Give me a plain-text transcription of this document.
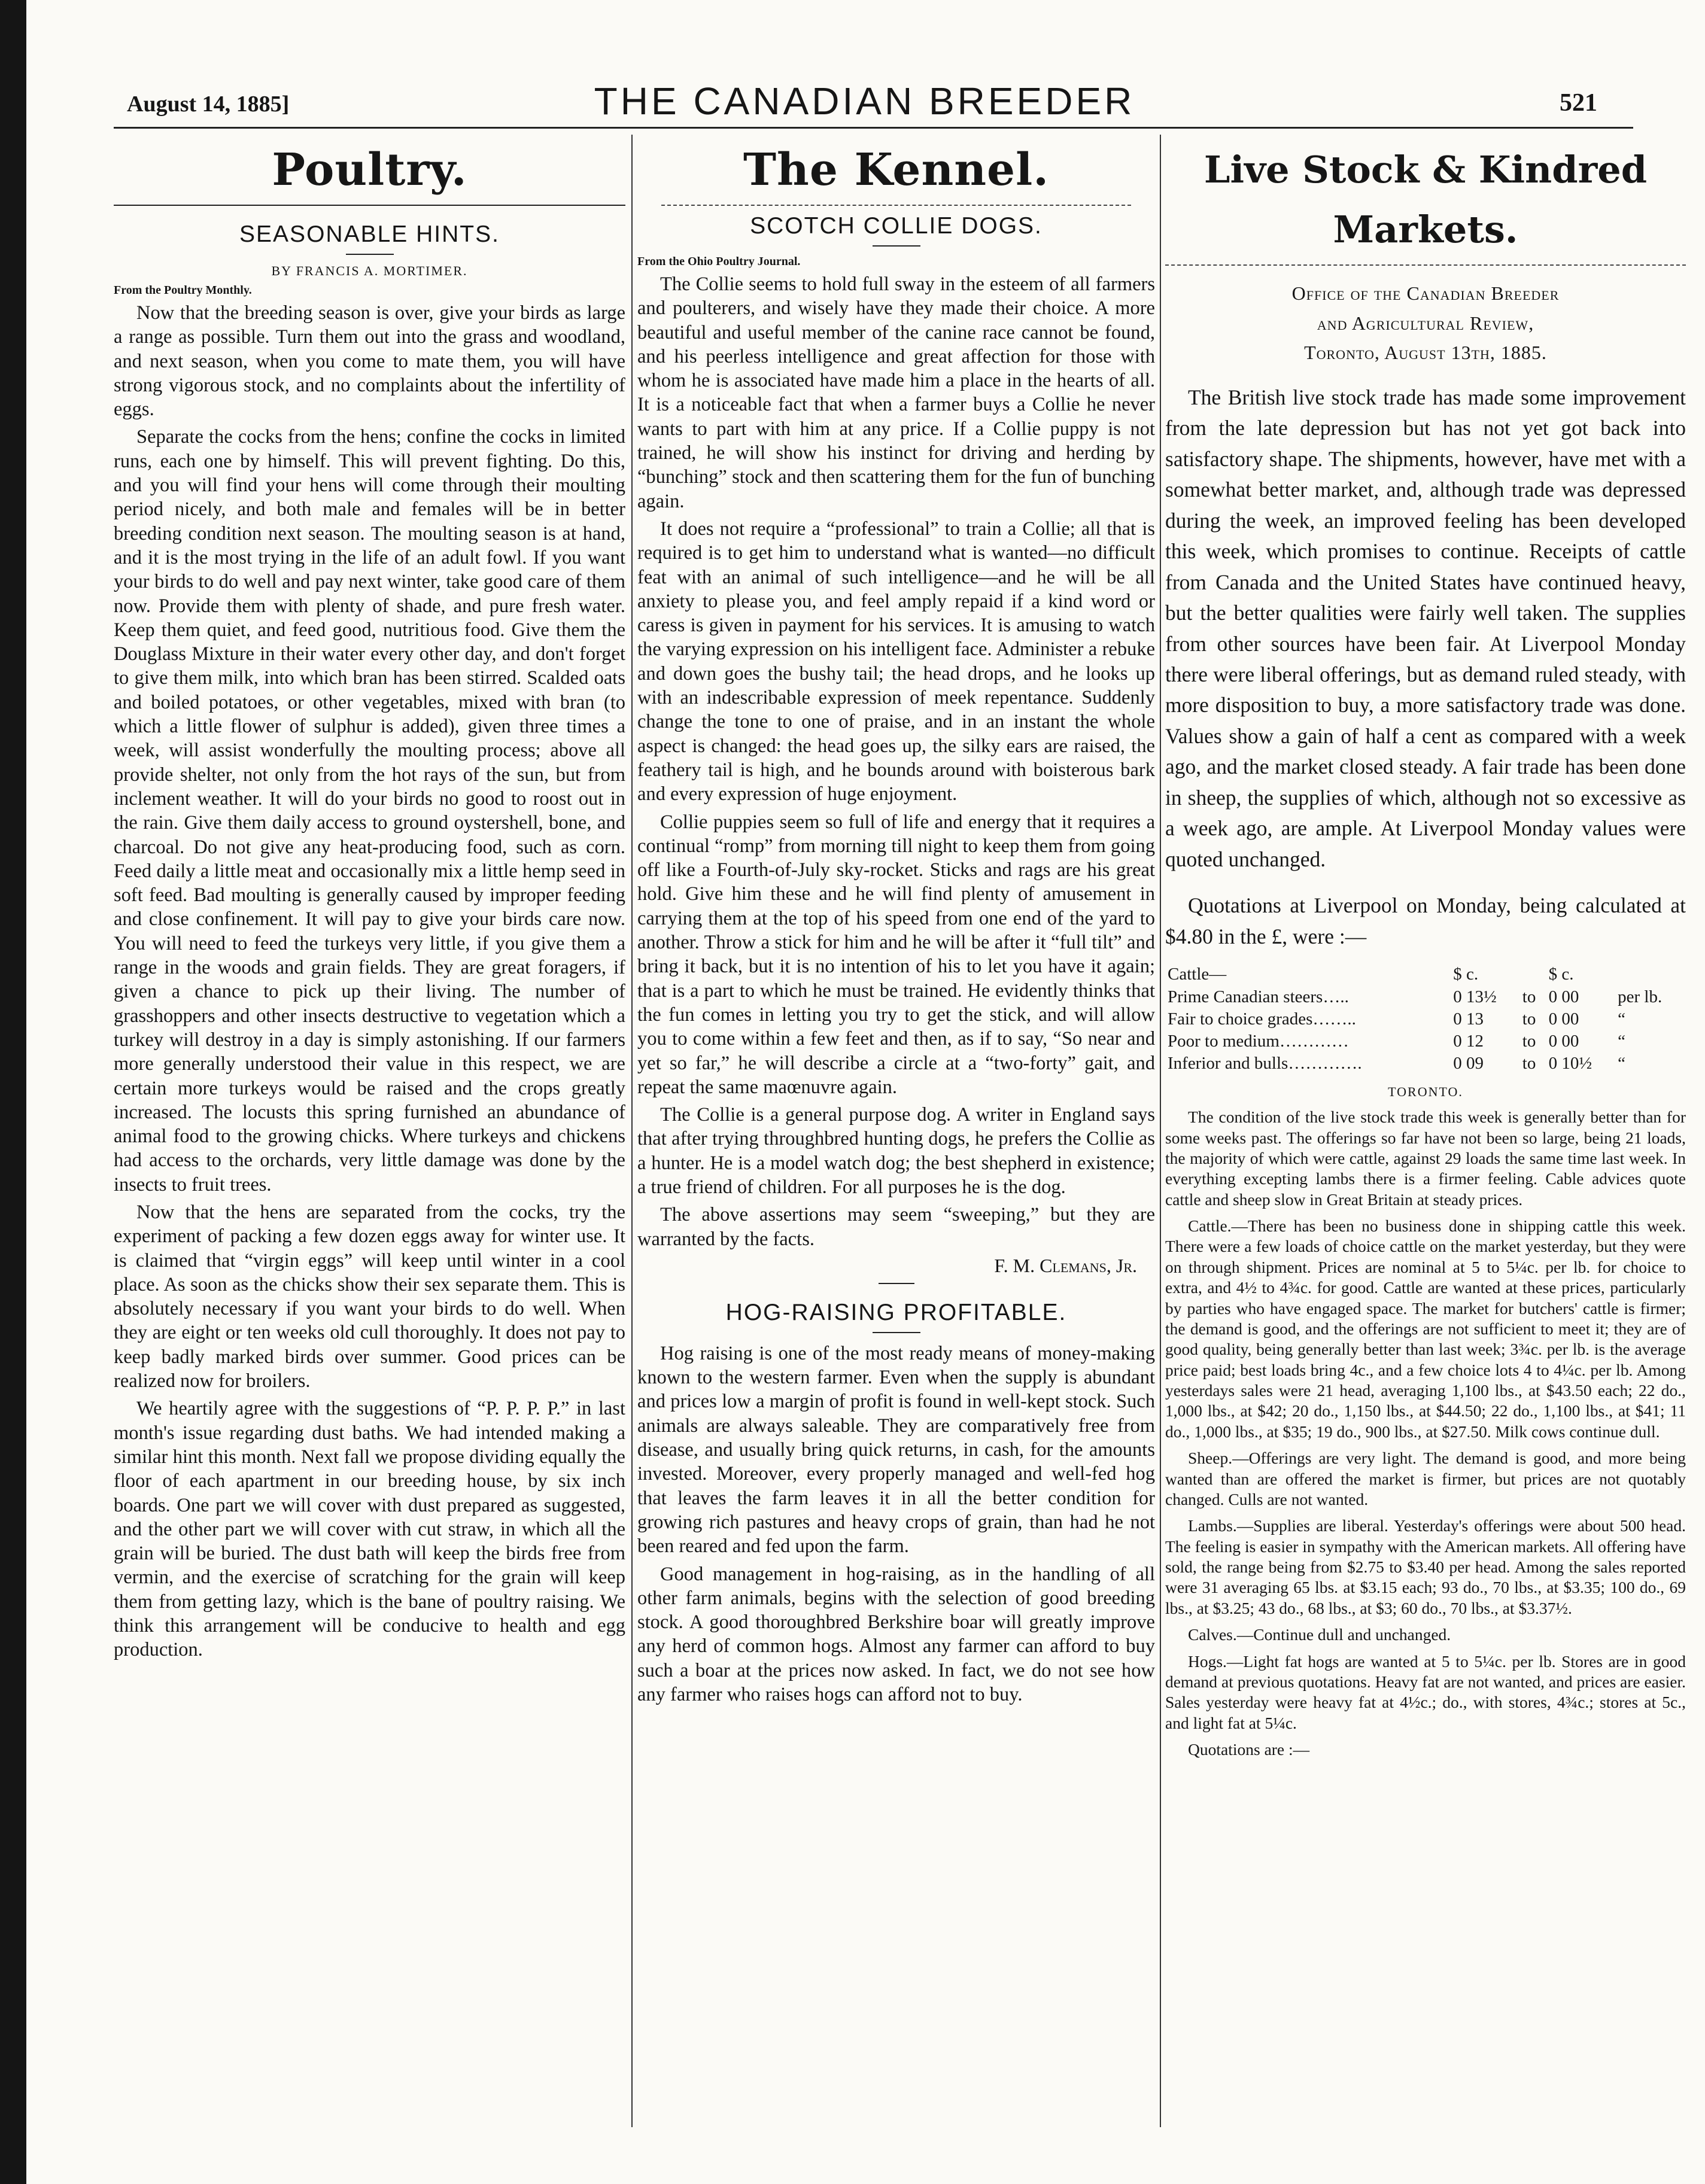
August 14, 1885]	THE CANADIAN BREEDER	521
Poultry.
SEASONABLE HINTS.
BY FRANCIS A. MORTIMER.
From the Poultry Monthly.

Now that the breeding season is over, give your birds as large a range as possible. Turn them out into the grass and woodland, and next season, when you come to mate them, you will have strong vigorous stock, and no complaints about the infertility of eggs.

Separate the cocks from the hens; confine the cocks in limited runs, each one by himself. This will prevent fighting. Do this, and you will find your hens will come through their moulting period nicely, and both male and females will be in better breeding condition next season. The moulting season is at hand, and it is the most trying in the life of an adult fowl. If you want your birds to do well and pay next winter, take good care of them now. Provide them with plenty of shade, and pure fresh water. Keep them quiet, and feed good, nutritious food. Give them the Douglass Mixture in their water every other day, and don't forget to give them milk, into which bran has been stirred. Scalded oats and boiled potatoes, or other vegetables, mixed with bran (to which a little flower of sulphur is added), given three times a week, will assist wonderfully the moulting process; above all provide shelter, not only from the hot rays of the sun, but from inclement weather. It will do your birds no good to roost out in the rain. Give them daily access to ground oystershell, bone, and charcoal. Do not give any heat-producing food, such as corn. Feed daily a little meat and occasionally mix a little hemp seed in soft feed. Bad moulting is generally caused by improper feeding and close confinement. It will pay to give your birds care now. You will need to feed the turkeys very little, if you give them a range in the woods and grain fields. They are great foragers, if given a chance to pick up their living. The number of grasshoppers and other insects destructive to vegetation which a turkey will destroy in a day is simply astonishing. If our farmers more generally understood their value in this respect, we are certain more turkeys would be raised and the crops greatly increased. The locusts this spring furnished an abundance of animal food to the growing chicks. Where turkeys and chickens had access to the orchards, very little damage was done by the insects to fruit trees.

Now that the hens are separated from the cocks, try the experiment of packing a few dozen eggs away for winter use. It is claimed that “virgin eggs” will keep until winter in a cool place. As soon as the chicks show their sex separate them. This is absolutely necessary if you want your birds to do well. When they are eight or ten weeks old cull thoroughly. It does not pay to keep badly marked birds over summer. Good prices can be realized now for broilers.

We heartily agree with the suggestions of “P. P. P. P.” in last month's issue regarding dust baths. We had intended making a similar hint this month. Next fall we propose dividing equally the floor of each apartment in our breeding house, by six inch boards. One part we will cover with dust prepared as suggested, and the other part we will cover with cut straw, in which all the grain will be buried. The dust bath will keep the birds free from vermin, and the exercise of scratching for the grain will keep them from getting lazy, which is the bane of poultry raising. We think this arrangement will be conducive to health and egg production.

The Kennel.
SCOTCH COLLIE DOGS.
From the Ohio Poultry Journal.

The Collie seems to hold full sway in the esteem of all farmers and poulterers, and wisely have they made their choice. A more beautiful and useful member of the canine race cannot be found, and his peerless intelligence and great affection for those with whom he is associated have made him a place in the hearts of all. It is a noticeable fact that when a farmer buys a Collie he never wants to part with him at any price. If a Collie puppy is not trained, he will show his instinct for driving and herding by “bunching” stock and then scattering them for the fun of bunching again.

It does not require a “professional” to train a Collie; all that is required is to get him to understand what is wanted—no difficult feat with an animal of such intelligence—and he will be all anxiety to please you, and feel amply repaid if a kind word or caress is given in payment for his services. It is amusing to watch the varying expression on his intelligent face. Administer a rebuke and down goes the bushy tail; the head drops, and he looks up with an indescribable expression of meek repentance. Suddenly change the tone to one of praise, and in an instant the whole aspect is changed: the head goes up, the silky ears are raised, the feathery tail is high, and he bounds around with boisterous bark and every expression of huge enjoyment.

Collie puppies seem so full of life and energy that it requires a continual “romp” from morning till night to keep them from going off like a Fourth-of-July sky-rocket. Sticks and rags are his great hold. Give him these and he will find plenty of amusement in carrying them at the top of his speed from one end of the yard to another. Throw a stick for him and he will be after it “full tilt” and bring it back, but it is no intention of his to let you have it again; that is a part to which he must be trained. He evidently thinks that the fun comes in letting you try to get the stick, and will allow you to come within a few feet and then, as if to say, “So near and yet so far,” he will describe a circle at a “two-forty” gait, and repeat the same maœnuvre again.

The Collie is a general purpose dog. A writer in England says that after trying throughbred hunting dogs, he prefers the Collie as a hunter. He is a model watch dog; the best shepherd in existence; a true friend of children. For all purposes he is the dog.

The above assertions may seem “sweeping,” but they are warranted by the facts.

F. M. Clemans, Jr.
HOG-RAISING PROFITABLE.

Hog raising is one of the most ready means of money-making known to the western farmer. Even when the supply is abundant and prices low a margin of profit is found in well-kept stock. Such animals are always saleable. They are comparatively free from disease, and usually bring quick returns, in cash, for the amounts invested. Moreover, every properly managed and well-fed hog that leaves the farm leaves it in all the better condition for growing rich pastures and heavy crops of grain, than had he not been reared and fed upon the farm.

Good management in hog-raising, as in the handling of all other farm animals, begins with the selection of good breeding stock. A good thoroughbred Berkshire boar will greatly improve any herd of common hogs. Almost any farmer can afford to buy such a boar at the prices now asked. In fact, we do not see how any farmer who raises hogs can afford not to buy.

Live Stock & Kindred Markets.
Office of the Canadian Breeder
and Agricultural Review,
Toronto, August 13th, 1885.

The British live stock trade has made some improvement from the late depression but has not yet got back into satisfactory shape. The shipments, however, have met with a somewhat better market, and, although trade was depressed during the week, an improved feeling has been developed this week, which promises to continue. Receipts of cattle from Canada and the United States have continued heavy, but the better qualities were fairly well taken. The supplies from other sources have been fair. At Liverpool Monday there were liberal offerings, but as demand ruled steady, with more disposition to buy, a more satisfactory trade was done. Values show a gain of half a cent as compared with a week ago, and the market closed steady. A fair trade has been done in sheep, the supplies of which, although not so excessive as a week ago, are ample. At Liverpool Monday values were quoted unchanged.

Quotations at Liverpool on Monday, being calculated at $4.80 in the £, were :—

Cattle—	$ c.		$ c.	
Prime Canadian steers…..	0 13½	to	0 00	per lb.
Fair to choice grades……..	0 13	to	0 00	“
Poor to medium…………	0 12	to	0 00	“
Inferior and bulls………….	0 09	to	0 10½	“
TORONTO.

The condition of the live stock trade this week is generally better than for some weeks past. The offerings so far have not been so large, being 21 loads, the majority of which were cattle, against 29 loads the same time last week. In everything excepting lambs there is a firmer feeling. Cable advices quote cattle and sheep slow in Great Britain at steady prices.

Cattle.—There has been no business done in shipping cattle this week. There were a few loads of choice cattle on the market yesterday, but they were on through shipment. Prices are nominal at 5 to 5¼c. per lb. for choice to extra, and 4½ to 4¾c. for good. Cattle are wanted at these prices, particularly by parties who have engaged space. The market for butchers' cattle is firmer; the demand is good, and the offerings are not sufficient to meet it; they are of good quality, being generally better than last week; 3¾c. per lb. is the average price paid; best loads bring 4c., and a few choice lots 4 to 4¼c. per lb. Among yesterdays sales were 21 head, averaging 1,100 lbs., at $43.50 each; 22 do., 1,000 lbs., at $42; 20 do., 1,150 lbs., at $44.50; 22 do., 1,100 lbs., at $41; 11 do., 1,000 lbs., at $35; 19 do., 900 lbs., at $27.50. Milk cows continue dull.

Sheep.—Offerings are very light. The demand is good, and more being wanted than are offered the market is firmer, but prices are not quotably changed. Culls are not wanted.

Lambs.—Supplies are liberal. Yesterday's offerings were about 500 head. The feeling is easier in sympathy with the American markets. All offering have sold, the range being from $2.75 to $3.40 per head. Among the sales reported were 31 averaging 65 lbs. at $3.15 each; 93 do., 70 lbs., at $3.35; 100 do., 69 lbs., at $3.25; 43 do., 68 lbs., at $3; 60 do., 70 lbs., at $3.37½.

Calves.—Continue dull and unchanged.

Hogs.—Light fat hogs are wanted at 5 to 5¼c. per lb. Stores are in good demand at previous quotations. Heavy fat are not wanted, and prices are easier. Sales yesterday were heavy fat at 4½c.; do., with stores, 4¾c.; stores at 5c., and light fat at 5¼c.

Quotations are :—
